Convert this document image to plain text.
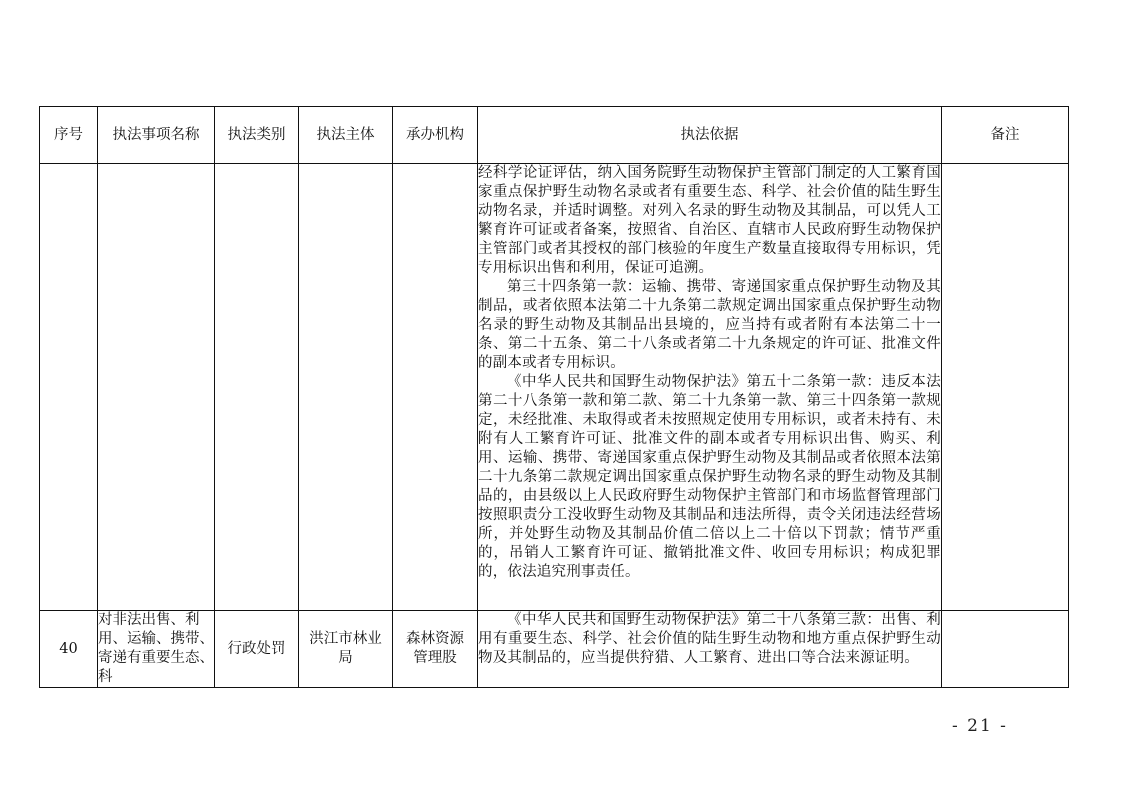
序号	执法事项名称	执法类别	执法主体	承办机构	执法依据	备注

					经科学论证评估，纳入国务院野生动物保护主管部门制定的人工繁育国家重点保护野生动物名录或者有重要生态、科学、社会价值的陆生野生动物名录，并适时调整。对列入名录的野生动物及其制品，可以凭人工繁育许可证或者备案，按照省、自治区、直辖市人民政府野生动物保护主管部门或者其授权的部门核验的年度生产数量直接取得专用标识，凭专用标识出售和利用，保证可追溯。

第三十四条第一款：运输、携带、寄递国家重点保护野生动物及其制品，或者依照本法第二十九条第二款规定调出国家重点保护野生动物名录的野生动物及其制品出县境的，应当持有或者附有本法第二十一条、第二十五条、第二十八条或者第二十九条规定的许可证、批准文件的副本或者专用标识。

《中华人民共和国野生动物保护法》第五十二条第一款：违反本法第二十八条第一款和第二款、第二十九条第一款、第三十四条第一款规定，未经批准、未取得或者未按照规定使用专用标识，或者未持有、未附有人工繁育许可证、批准文件的副本或者专用标识出售、购买、利用、运输、携带、寄递国家重点保护野生动物及其制品或者依照本法第二十九条第二款规定调出国家重点保护野生动物名录的野生动物及其制品的，由县级以上人民政府野生动物保护主管部门和市场监督管理部门按照职责分工没收野生动物及其制品和违法所得，责令关闭违法经营场所，并处野生动物及其制品价值二倍以上二十倍以下罚款；情节严重的，吊销人工繁育许可证、撤销批准文件、收回专用标识；构成犯罪的，依法追究刑事责任。	

40	对非法出售、利用、运输、携带、寄递有重要生态、科	行政处罚	洪江市林业局	森林资源管理股	《中华人民共和国野生动物保护法》第二十八条第三款：出售、利用有重要生态、科学、社会价值的陆生野生动物和地方重点保护野生动物及其制品的，应当提供狩猎、人工繁育、进出口等合法来源证明。	
- 21 -
